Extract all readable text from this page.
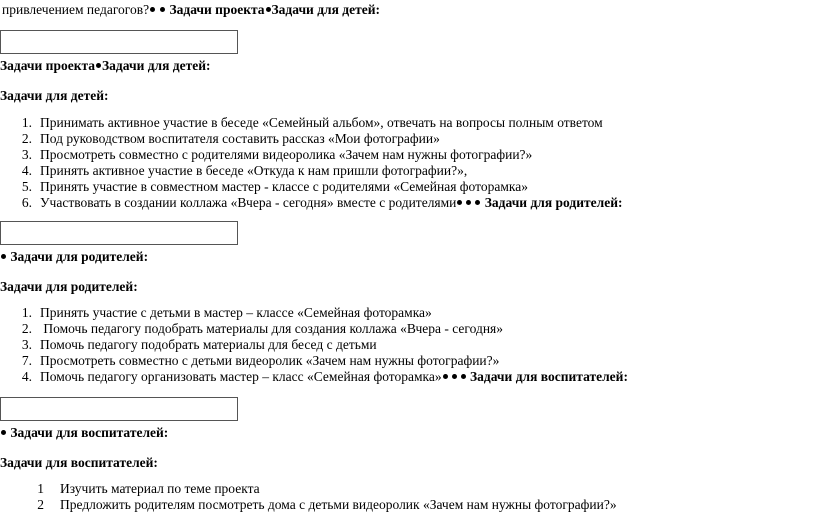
привлечением педагогов? Задачи проекта Задачи для детей:
Задачи проекта Задачи для детей:
Задачи для детей:
1. Принимать активное участие в беседе «Семейный альбом», отвечать на вопросы полным ответом
2. Под руководством воспитателя составить рассказ «Мои фотографии»
3. Просмотреть совместно с родителями видеоролика «Зачем нам нужны фотографии?»
4. Принять активное участие в беседе «Откуда к нам пришли фотографии?»,
5. Принять участие в совместном мастер - классе с родителями «Семейная фоторамка»
6. Участвовать в создании коллажа «Вчера - сегодня» вместе с родителями Задачи для родителей:
Задачи для родителей:
Задачи для родителей:
1. Принять участие с детьми в мастер – классе «Семейная фоторамка»
2. Помочь педагогу подобрать материалы для создания коллажа «Вчера - сегодня»
3. Помочь педагогу подобрать материалы для бесед с детьми
7. Просмотреть совместно с детьми видеоролик «Зачем нам нужны фотографии?»
4. Помочь педагогу организовать мастер – класс «Семейная фоторамка» Задачи для воспитателей:
Задачи для воспитателей:
Задачи для воспитателей:
1 Изучить материал по теме проекта
2 Предложить родителям посмотреть дома с детьми видеоролик «Зачем нам нужны фотографии?»
